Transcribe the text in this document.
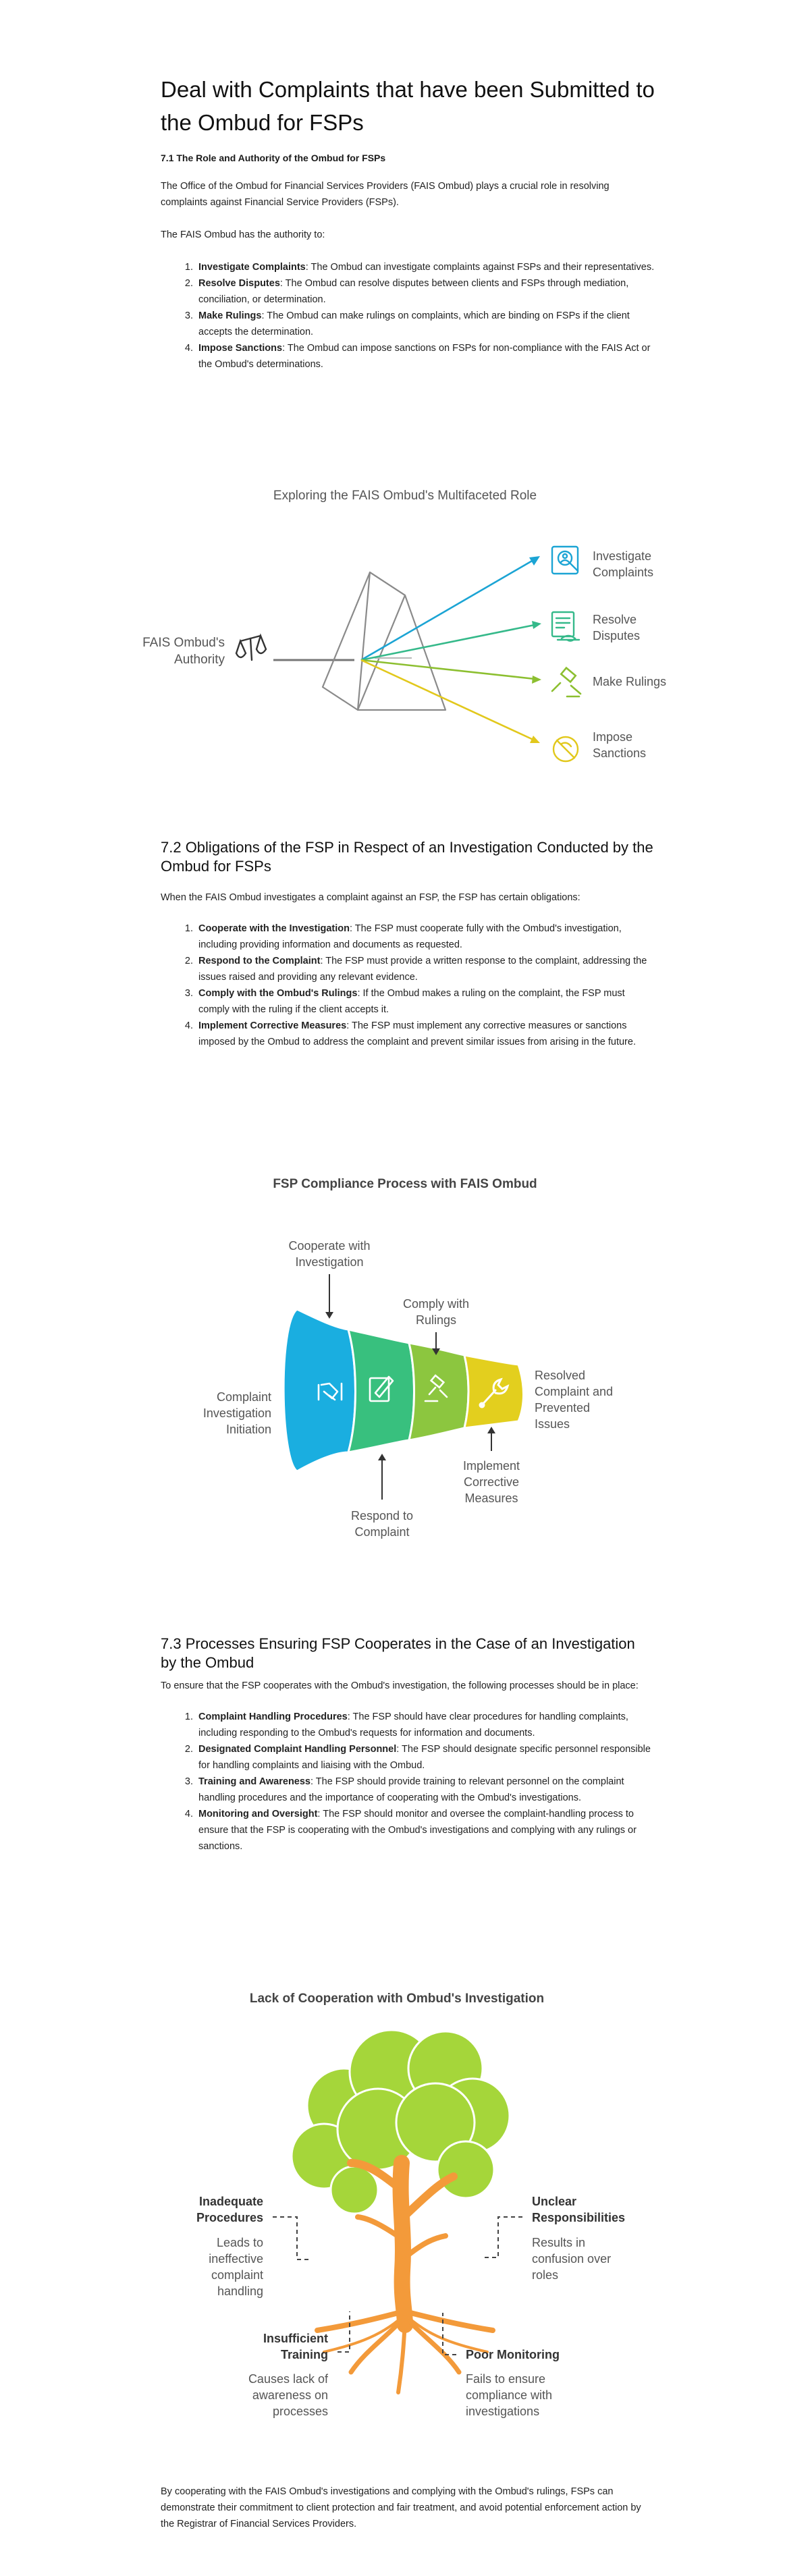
Deal with Complaints that have been Submitted to the Ombud for FSPs
7.1 The Role and Authority of the Ombud for FSPs

The Office of the Ombud for Financial Services Providers (FAIS Ombud) plays a crucial role in resolving complaints against Financial Service Providers (FSPs).

The FAIS Ombud has the authority to:

1. Investigate Complaints: The Ombud can investigate complaints against FSPs and their representatives.
2. Resolve Disputes: The Ombud can resolve disputes between clients and FSPs through mediation, conciliation, or determination.
3. Make Rulings: The Ombud can make rulings on complaints, which are binding on FSPs if the client accepts the determination.
4. Impose Sanctions: The Ombud can impose sanctions on FSPs for non-compliance with the FAIS Act or the Ombud's determinations.
Exploring the FAIS Ombud's Multifaceted Role
FAIS Ombud's
Authority
Investigate
Complaints
Resolve
Disputes
Make Rulings
Impose
Sanctions
7.2 Obligations of the FSP in Respect of an Investigation Conducted by the Ombud for FSPs

When the FAIS Ombud investigates a complaint against an FSP, the FSP has certain obligations:

1. Cooperate with the Investigation: The FSP must cooperate fully with the Ombud's investigation, including providing information and documents as requested.
2. Respond to the Complaint: The FSP must provide a written response to the complaint, addressing the issues raised and providing any relevant evidence.
3. Comply with the Ombud's Rulings: If the Ombud makes a ruling on the complaint, the FSP must comply with the ruling if the client accepts it.
4. Implement Corrective Measures: The FSP must implement any corrective measures or sanctions imposed by the Ombud to address the complaint and prevent similar issues from arising in the future.
FSP Compliance Process with FAIS Ombud
Complaint
Investigation
Initiation
Cooperate with
Investigation
Comply with
Rulings
Resolved
Complaint and
Prevented
Issues
Respond to
Complaint
Implement
Corrective
Measures
7.3 Processes Ensuring FSP Cooperates in the Case of an Investigation by the Ombud

To ensure that the FSP cooperates with the Ombud's investigation, the following processes should be in place:

1. Complaint Handling Procedures: The FSP should have clear procedures for handling complaints, including responding to the Ombud's requests for information and documents.
2. Designated Complaint Handling Personnel: The FSP should designate specific personnel responsible for handling complaints and liaising with the Ombud.
3. Training and Awareness: The FSP should provide training to relevant personnel on the complaint handling procedures and the importance of cooperating with the Ombud's investigations.
4. Monitoring and Oversight: The FSP should monitor and oversee the complaint-handling process to ensure that the FSP is cooperating with the Ombud's investigations and complying with any rulings or sanctions.
Lack of Cooperation with Ombud's Investigation
Inadequate
Procedures
Leads to
ineffective
complaint
handling
Unclear
Responsibilities
Results in
confusion over
roles
Insufficient
Training
Causes lack of
awareness on
processes
Poor Monitoring
Fails to ensure
compliance with
investigations

By cooperating with the FAIS Ombud's investigations and complying with the Ombud's rulings, FSPs can demonstrate their commitment to client protection and fair treatment, and avoid potential enforcement action by the Registrar of Financial Services Providers.
